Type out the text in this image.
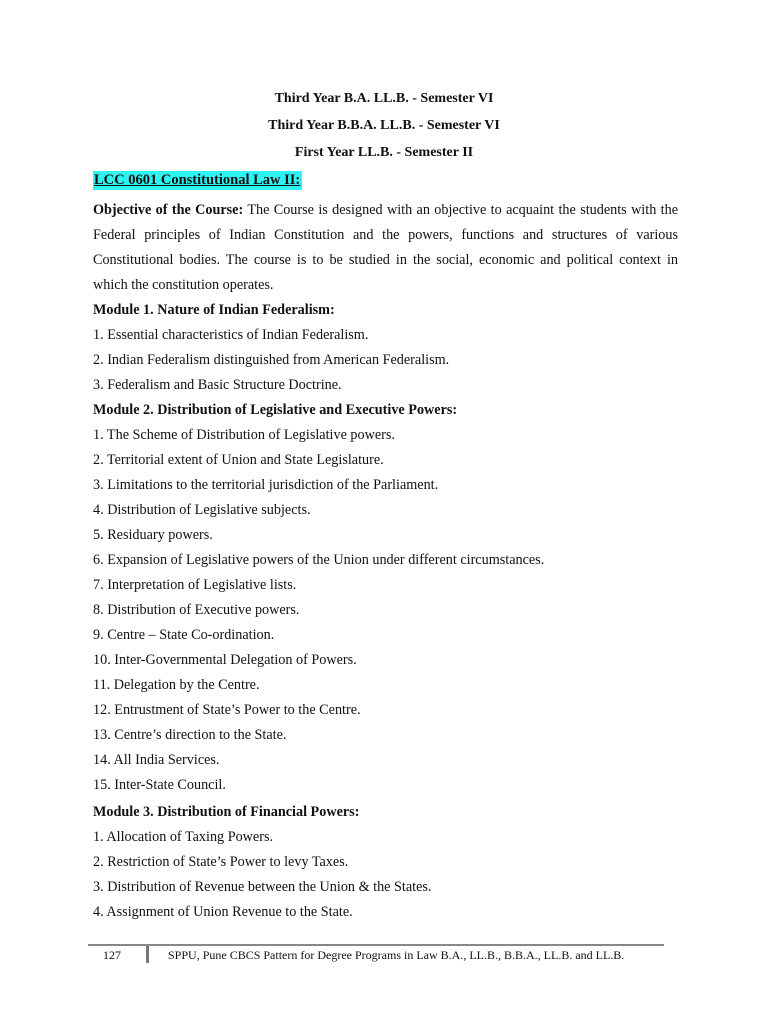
Third Year B.A. LL.B. - Semester VI
Third Year B.B.A. LL.B. - Semester VI
First Year LL.B. - Semester II
LCC 0601 Constitutional Law II:
Objective of the Course: The Course is designed with an objective to acquaint the students with the Federal principles of Indian Constitution and the powers, functions and structures of various Constitutional bodies. The course is to be studied in the social, economic and political context in which the constitution operates.
Module 1. Nature of Indian Federalism:
1. Essential characteristics of Indian Federalism.
2. Indian Federalism distinguished from American Federalism.
3. Federalism and Basic Structure Doctrine.
Module 2. Distribution of Legislative and Executive Powers:
1. The Scheme of Distribution of Legislative powers.
2. Territorial extent of Union and State Legislature.
3. Limitations to the territorial jurisdiction of the Parliament.
4. Distribution of Legislative subjects.
5. Residuary powers.
6. Expansion of Legislative powers of the Union under different circumstances.
7. Interpretation of Legislative lists.
8. Distribution of Executive powers.
9. Centre – State Co-ordination.
10. Inter-Governmental Delegation of Powers.
11. Delegation by the Centre.
12. Entrustment of State’s Power to the Centre.
13. Centre’s direction to the State.
14. All India Services.
15. Inter-State Council.
Module 3. Distribution of Financial Powers:
1. Allocation of Taxing Powers.
2. Restriction of State’s Power to levy Taxes.
3. Distribution of Revenue between the Union & the States.
4. Assignment of Union Revenue to the State.
127	SPPU, Pune CBCS Pattern for Degree Programs in Law B.A., LL.B., B.B.A., LL.B. and LL.B.
